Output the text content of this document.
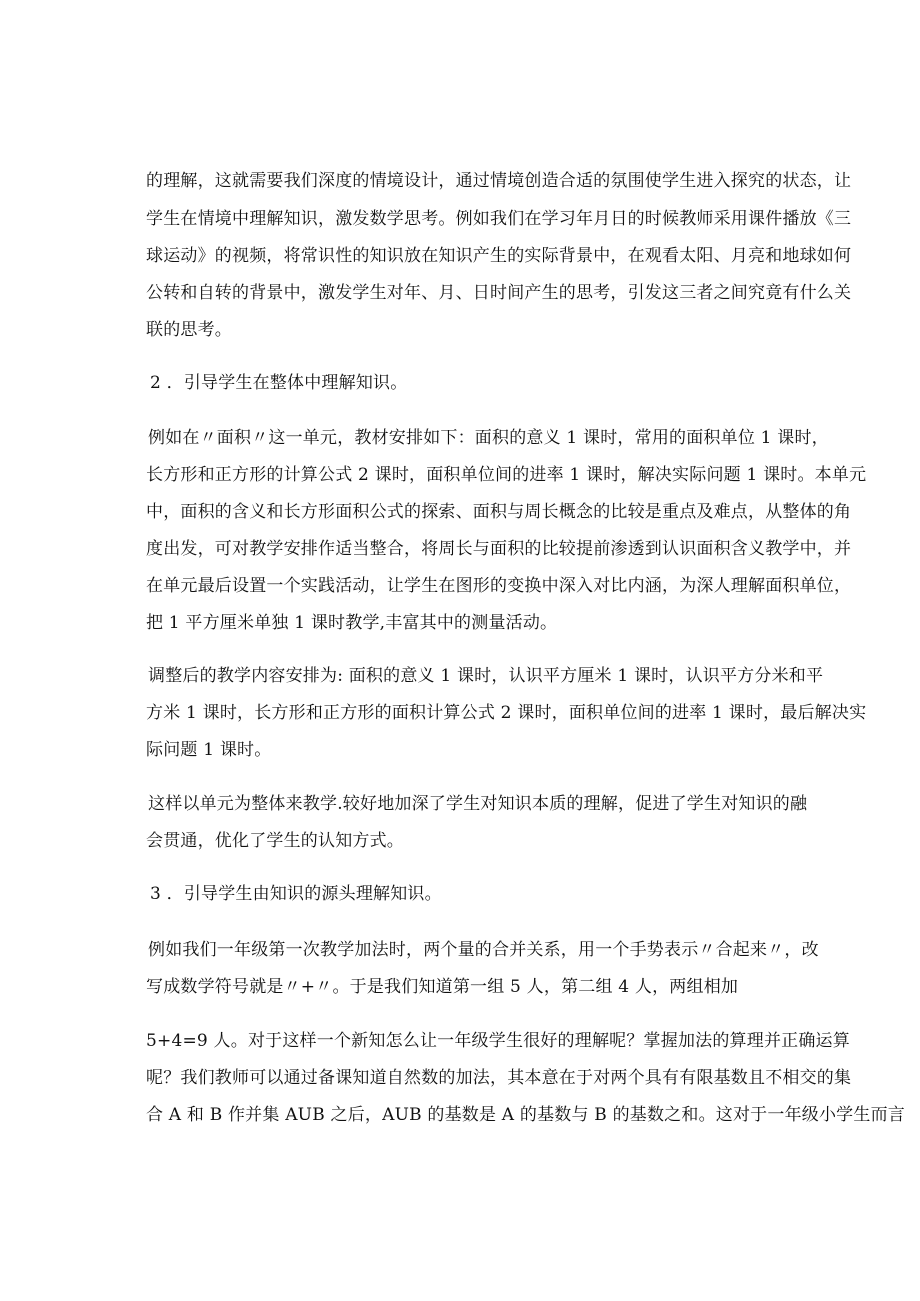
的理解，这就需要我们深度的情境设计，通过情境创造合适的氛围使学生进入探究的状态，让
学生在情境中理解知识，激发数学思考。例如我们在学习年月日的时候教师采用课件播放《三
球运动》的视频，将常识性的知识放在知识产生的实际背景中，在观看太阳、月亮和地球如何
公转和自转的背景中，激发学生对年、月、日时间产生的思考，引发这三者之间究竟有什么关
联的思考。
2 ．引导学生在整体中理解知识。
例如在〃面积〃这一单元，教材安排如下：面积的意义 1 课时，常用的面积单位 1 课时，
长方形和正方形的计算公式 2 课时，面积单位间的进率 1 课时，解决实际问题 1 课时。本单元
中，面积的含义和长方形面积公式的探索、面积与周长概念的比较是重点及难点，从整体的角
度出发，可对教学安排作适当整合，将周长与面积的比较提前渗透到认识面积含义教学中，并
在单元最后设置一个实践活动，让学生在图形的变换中深入对比内涵，为深人理解面积单位，
把 1 平方厘米单独 1 课时教学,丰富其中的测量活动。
调整后的教学内容安排为: 面积的意义 1 课时，认识平方厘米 1 课时，认识平方分米和平
方米 1 课时，长方形和正方形的面积计算公式 2 课时，面积单位间的进率 1 课时，最后解决实
际问题 1 课时。
这样以单元为整体来教学.较好地加深了学生对知识本质的理解，促进了学生对知识的融
会贯通，优化了学生的认知方式。
3 ．引导学生由知识的源头理解知识。
例如我们一年级第一次教学加法时，两个量的合并关系，用一个手势表示〃合起来〃，改
写成数学符号就是〃+〃。于是我们知道第一组 5 人，第二组 4 人，两组相加
5+4=9 人。对于这样一个新知怎么让一年级学生很好的理解呢？掌握加法的算理并正确运算
呢？我们教师可以通过备课知道自然数的加法，其本意在于对两个具有有限基数且不相交的集
合 A 和 B 作并集 AUB 之后，AUB 的基数是 A 的基数与 B 的基数之和。这对于一年级小学生而言
